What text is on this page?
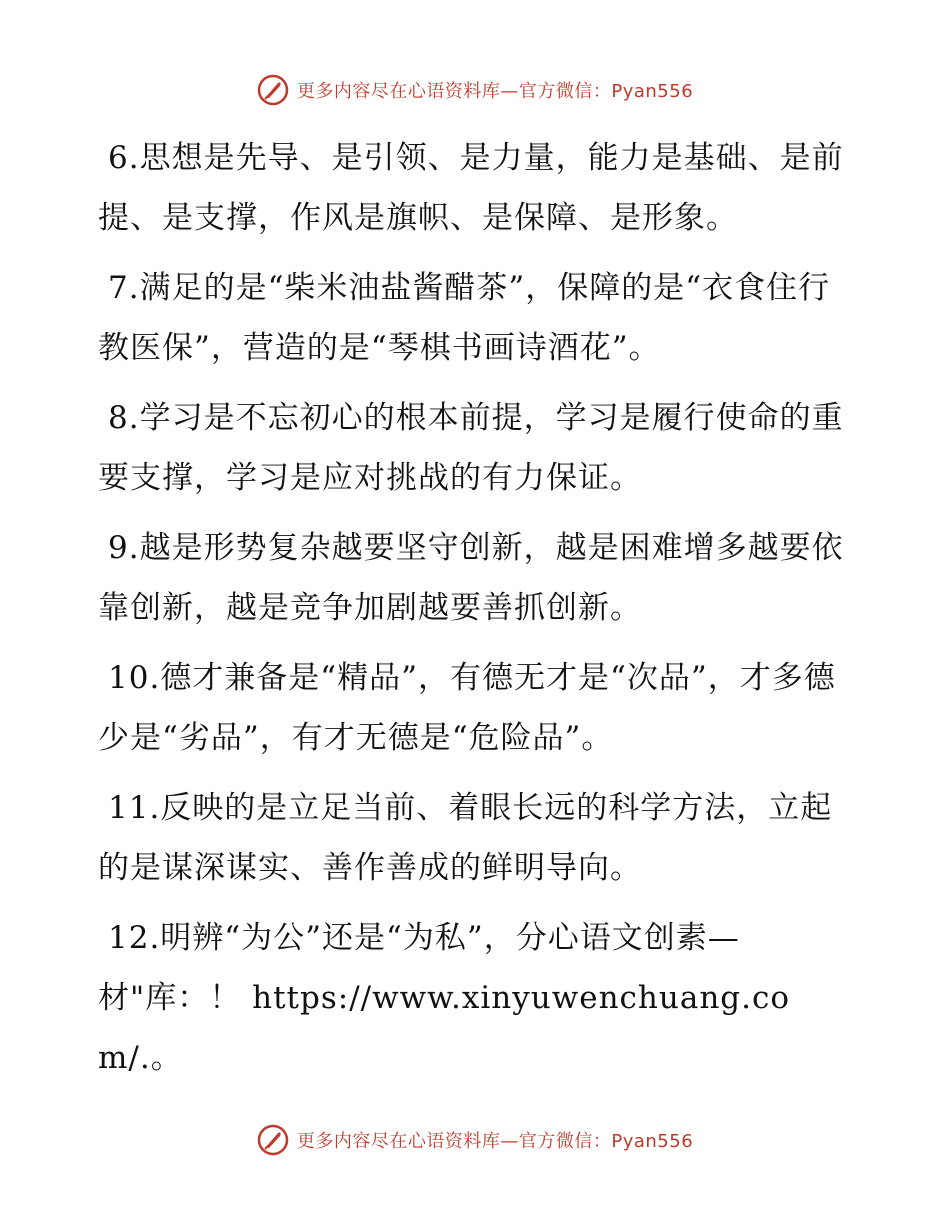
更多内容尽在心语资料库—官方微信：Pyan556

6.思想是先导、是引领、是力量，能力是基础、是前提、是支撑，作风是旗帜、是保障、是形象。

7.满足的是“柴米油盐酱醋茶”，保障的是“衣食住行教医保”，营造的是“琴棋书画诗酒花”。

8.学习是不忘初心的根本前提，学习是履行使命的重要支撑，学习是应对挑战的有力保证。

9.越是形势复杂越要坚守创新，越是困难增多越要依靠创新，越是竞争加剧越要善抓创新。

10.德才兼备是“精品”，有德无才是“次品”，才多德少是“劣品”，有才无德是“危险品”。

11.反映的是立足当前、着眼长远的科学方法，立起的是谋深谋实、善作善成的鲜明导向。

12.明辨“为公”还是“为私”，分心语文创素—材"库：！ https://www.xinyuwenchuang.com/.。

更多内容尽在心语资料库—官方微信：Pyan556
